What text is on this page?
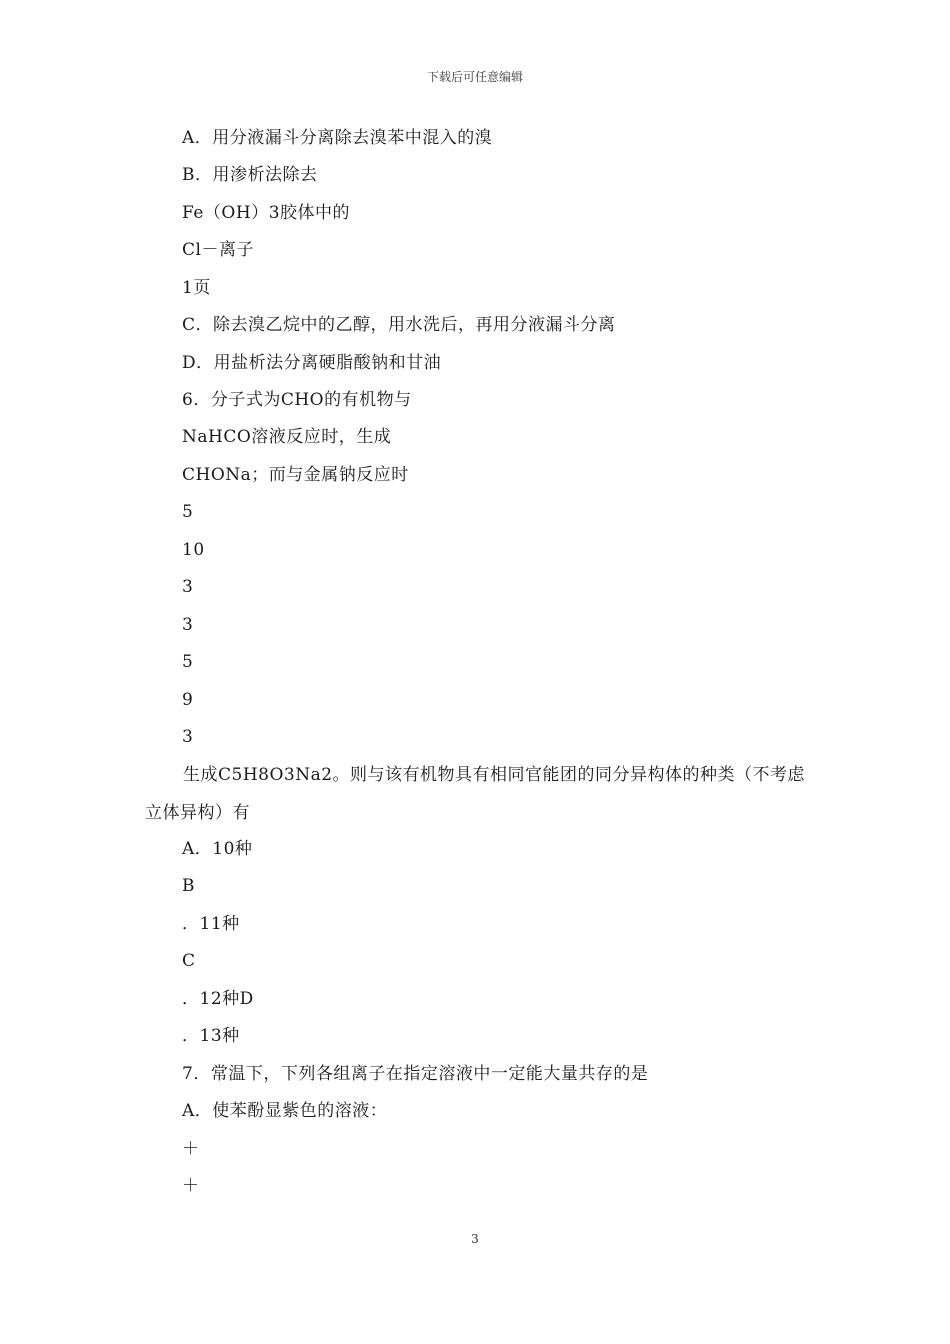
下载后可任意编辑
A．用分液漏斗分离除去溴苯中混入的溴
B．用渗析法除去
Fe（OH）3胶体中的
Cl－离子
1页
C．除去溴乙烷中的乙醇，用水洗后，再用分液漏斗分离
D．用盐析法分离硬脂酸钠和甘油
6．分子式为CHO的有机物与
NaHCO溶液反应时，生成
CHONa；而与金属钠反应时
5
10
3
3
5
9
3
生成C5H8O3Na2。则与该有机物具有相同官能团的同分异构体的种类（不考虑立体异构）有
A．10种
B
．11种
C
．12种D
．13种
7．常温下，下列各组离子在指定溶液中一定能大量共存的是
A．使苯酚显紫色的溶液：
＋
＋
3
